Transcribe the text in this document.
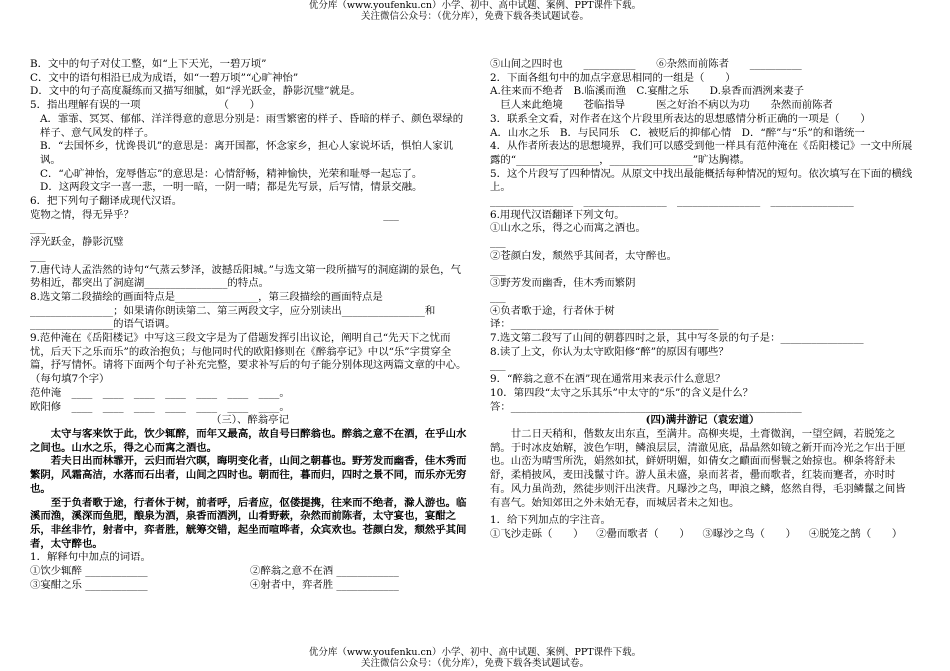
优分库（www.youfenku.cn）小学、初中、高中试题、案例、PPT课件下载。
关注微信公众号：（优分库），免费下载各类试题试卷。

B．文中的句子对仗工整，如“上下天光，一碧万顷”

C．文中的语句相沿已成为成语，如“一碧万顷”“心旷神怡”

D．文中的句子高度凝练而又描写细腻，如“浮光跃金，静影沉璧”就是。

5．指出理解有误的一项　　　　　　　　（　　）

A．霏霏、冥冥、郁郁、洋洋得意的意思分别是：雨雪繁密的样子、昏暗的样子、颜色翠绿的样子、意气风发的样子。

B．“去国怀乡，忧谗畏讥”的意思是：离开国都，怀念家乡，担心人家说坏话，惧怕人家讥讽。

C．“心旷神怡，宠辱偕忘”的意思是：心情舒畅，精神愉快，光荣和耻辱一起忘了。

D．这两段文字一喜一悲，一明一暗，一阴一晴；都是先写景，后写情，情景交融。

6．把下列句子翻译成现代汉语。

览物之情，得无异乎？　　　　　　　　　　　　　　　　　　　　　　　　___

___

浮光跃金，静影沉璧

___

7.唐代诗人孟浩然的诗句“气蒸云梦泽，波撼岳阳城。”与选文第一段所描写的洞庭湖的景色，气势相近，都突出了洞庭湖________________的特点。

8.选文第二段描绘的画面特点是________________，第三段描绘的画面特点是________________；如果请你朗读第二、第三两段文字，应分别读出________________和________________的语气语调。

9.范仲淹在《岳阳楼记》中写这三段文字是为了借题发挥引出议论，阐明自己“先天下之忧而忧，后天下之乐而乐”的政治抱负；与他同时代的欧阳修则在《醉翁亭记》中以“乐”字贯穿全篇，抒写情怀。请将下面两个句子补充完整，要求补写后的句子能分别体现这两篇文章的中心。（每句填7个字）

范仲淹　____　____　____　____　____　____　____。

欧阳修　____　____　____　____　____　____　____。

（三）、醉翁亭记

太守与客来饮于此，饮少辄醉，而年又最高，故自号曰醉翁也。醉翁之意不在酒，在乎山水之间也。山水之乐，得之心而寓之酒也。

若夫日出而林霏开，云归而岩穴暝，晦明变化者，山间之朝暮也。野芳发而幽香，佳木秀而繁阴，风霜高洁，水落而石出者，山间之四时也。朝而往，暮而归，四时之景不同，而乐亦无穷也。

至于负者歌于途，行者休于树，前者呼，后者应，伛偻提携，往来而不绝者，滁人游也。临溪而渔，溪深而鱼肥，酿泉为酒，泉香而酒洌，山肴野蔌，杂然而前陈者，太守宴也，宴酣之乐，非丝非竹，射者中，弈者胜，觥筹交错，起坐而喧哗者，众宾欢也。苍颜白发，颓然乎其间者，太守醉也。

1．解释句中加点的词语。

①饮少辄醉 ____________	②醉翁之意不在酒 ____________
③宴酣之乐 ____________	④射者中，弈者胜 ____________

⑤山间之四时也　　__________　　⑥杂然而前陈者　　__________

2．下面各组句中的加点字意思相同的一组是（　　）

A.往来而不绝者　B.临溪而渔　C.宴酣之乐　　D.泉香而酒洌来妻子

　巨人来此绝境　　苍临指导　　　医之好治不病以为功　　杂然而前陈者

3．联系全文看，对作者在这个片段里所表达的思想感情分析正确的一项是（　　）

A．山水之乐　B．与民同乐　C．被贬后的抑郁心情　D．“醉”与“乐”的和谐统一

4．从作者所表达的思想境界，我们可以感受到他一样具有范仲淹在《岳阳楼记》一文中所展露的“________________，________________”旷达胸襟。

5．这个片段写了四种情况。从原文中找出最能概括每种情况的短句。依次填写在下面的横线上。

________________　________________　________________　________________

6.用现代汉语翻译下列文句。

①山水之乐，得之心而寓之酒也。

___

②苍颜白发，颓然乎其间者，太守醉也。

___

③野芳发而幽香，佳木秀而繁阴

___

④负者歌于途，行者休于树

译：________________________________________

7.选文第二段写了山间的朝暮四时之景，其中写冬景的句子是：________________

8.读了上文，你认为太守欧阳修“醉”的原因有哪些？

___

9．“醉翁之意不在酒”现在通常用来表示什么意思？

10．第四段“太守之乐其乐”中太守的“乐”的含义是什么？

答：________________________________________________________

(四)满井游记（袁宏道）

廿二日天稍和，偕数友出东直，至满井。高柳夹堤，土膏微润，一望空阔，若脱笼之鹄。于时冰皮始解，波色乍明，鳞浪层层，清澈见底，晶晶然如镜之新开而冷光之乍出于匣也。山峦为晴雪所洗，娟然如拭，鲜妍明媚，如倩女之靧面而髻鬟之始掠也。柳条将舒未舒，柔梢披风，麦田浅鬣寸许。游人虽未盛，泉而茗者，罍而歌者，红装而蹇者，亦时时有。风力虽尚劲，然徒步则汗出浃背。凡曝沙之鸟，呷浪之鳞，悠然自得，毛羽鳞鬣之间皆有喜气。始知郊田之外未始无春，而城居者未之知也。

1．给下列加点的字注音。

①飞沙走砾（　　）	②罍而歌者（　　）	③曝沙之鸟（　　）	④脱笼之鹄（　　）
优分库（www.youfenku.cn）小学、初中、高中试题、案例、PPT课件下载。
关注微信公众号：（优分库），免费下载各类试题试卷。
